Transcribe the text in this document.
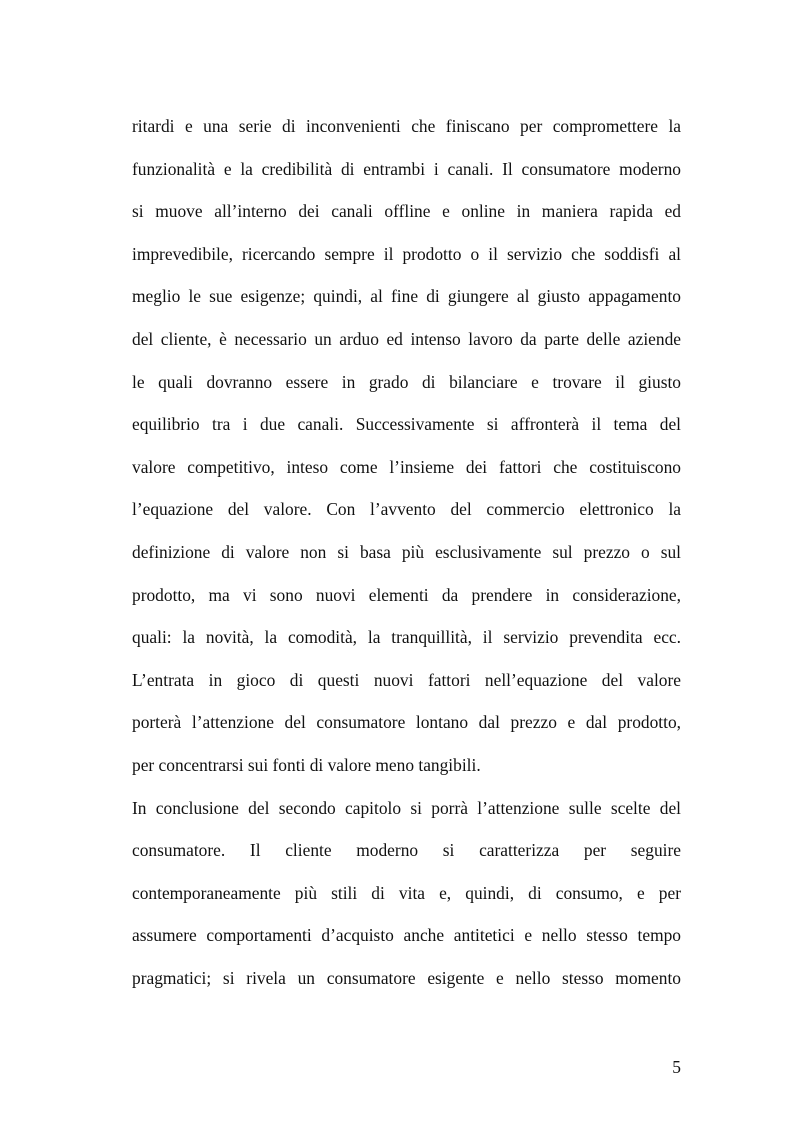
ritardi e una serie di inconvenienti che finiscano per compromettere la
funzionalità e la credibilità di entrambi i canali. Il consumatore moderno
si muove all’interno dei canali offline e online in maniera rapida ed
imprevedibile, ricercando sempre il prodotto o il servizio che soddisfi al
meglio le sue esigenze; quindi, al fine di giungere al giusto appagamento
del cliente, è necessario un arduo ed intenso lavoro da parte delle aziende
le quali dovranno essere in grado di bilanciare e trovare il giusto
equilibrio tra i due canali. Successivamente si affronterà il tema del
valore competitivo, inteso come l’insieme dei fattori che costituiscono
l’equazione del valore. Con l’avvento del commercio elettronico la
definizione di valore non si basa più esclusivamente sul prezzo o sul
prodotto, ma vi sono nuovi elementi da prendere in considerazione,
quali: la novità, la comodità, la tranquillità, il servizio prevendita ecc.
L’entrata in gioco di questi nuovi fattori nell’equazione del valore
porterà l’attenzione del consumatore lontano dal prezzo e dal prodotto,
per concentrarsi sui fonti di valore meno tangibili.
In conclusione del secondo capitolo si porrà l’attenzione sulle scelte del
consumatore. Il cliente moderno si caratterizza per seguire
contemporaneamente più stili di vita e, quindi, di consumo, e per
assumere comportamenti d’acquisto anche antitetici e nello stesso tempo
pragmatici; si rivela un consumatore esigente e nello stesso momento
5
